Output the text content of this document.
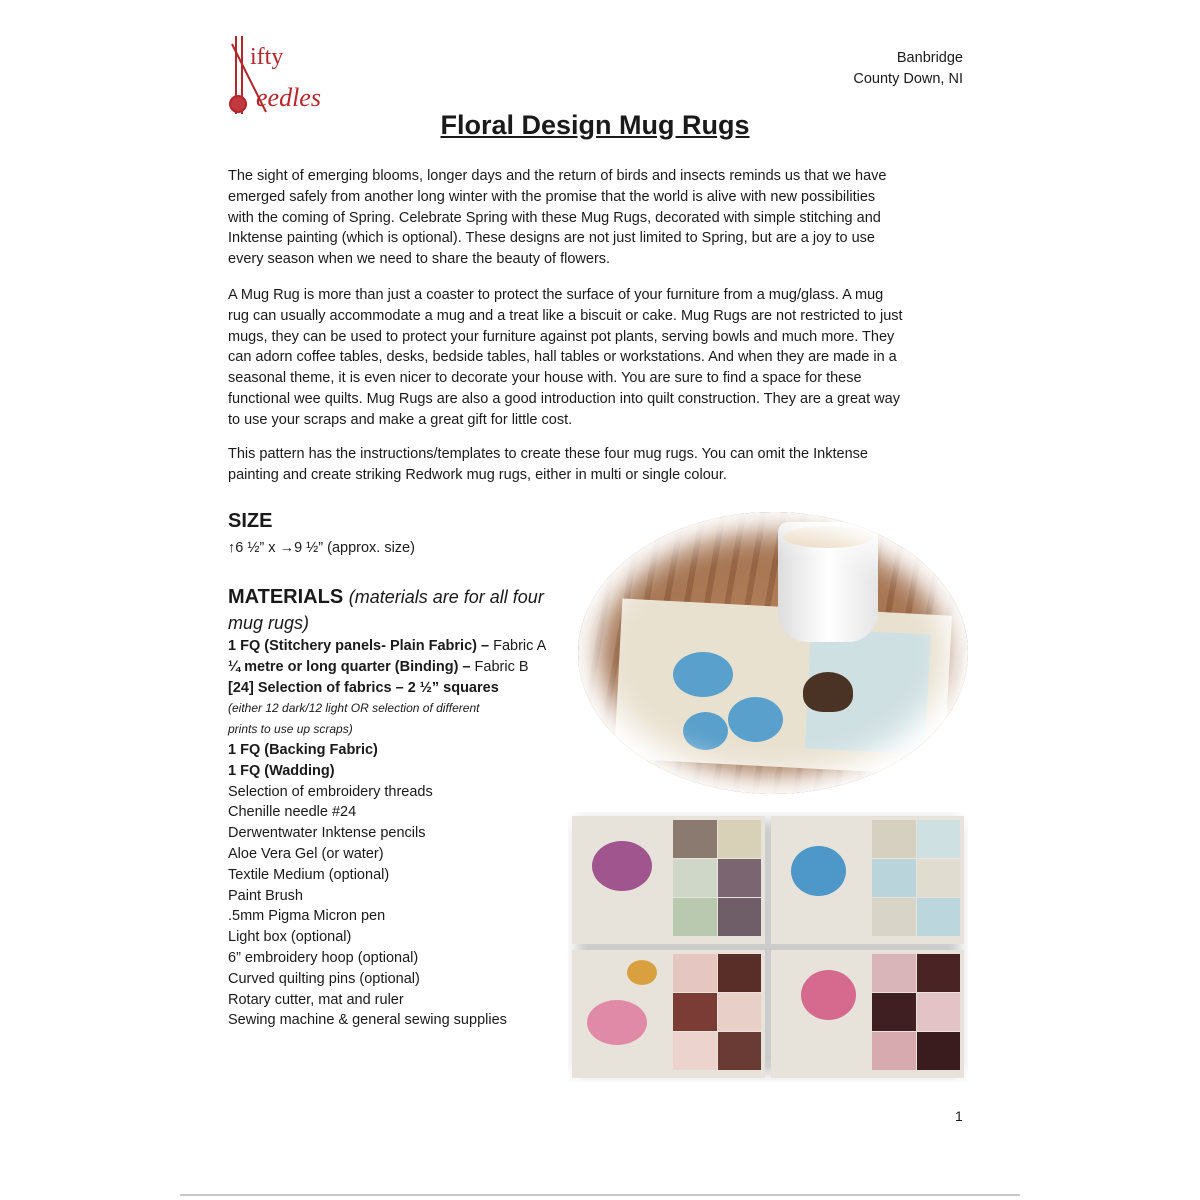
ifty
eedles
Banbridge
County Down, NI
Floral Design Mug Rugs
The sight of emerging blooms, longer days and the return of birds and insects reminds us that we have
emerged safely from another long winter with the promise that the world is alive with new possibilities
with the coming of Spring. Celebrate Spring with these Mug Rugs, decorated with simple stitching and
Inktense painting (which is optional). These designs are not just limited to Spring, but are a joy to use
every season when we need to share the beauty of flowers.
A Mug Rug is more than just a coaster to protect the surface of your furniture from a mug/glass. A mug
rug can usually accommodate a mug and a treat like a biscuit or cake. Mug Rugs are not restricted to just
mugs, they can be used to protect your furniture against pot plants, serving bowls and much more. They
can adorn coffee tables, desks, bedside tables, hall tables or workstations. And when they are made in a
seasonal theme, it is even nicer to decorate your house with. You are sure to find a space for these
functional wee quilts. Mug Rugs are also a good introduction into quilt construction. They are a great way
to use your scraps and make a great gift for little cost.
This pattern has the instructions/templates to create these four mug rugs. You can omit the Inktense
painting and create striking Redwork mug rugs, either in multi or single colour.
SIZE
↑6 ½” x →9 ½” (approx. size)
MATERIALS (materials are for all four
mug rugs)
1 FQ (Stitchery panels- Plain Fabric) – Fabric A
¼ metre or long quarter (Binding) – Fabric B
[24] Selection of fabrics – 2 ½” squares
(either 12 dark/12 light OR selection of different
prints to use up scraps)
1 FQ (Backing Fabric)
1 FQ (Wadding)
Selection of embroidery threads
Chenille needle #24
Derwentwater Inktense pencils
Aloe Vera Gel (or water)
Textile Medium (optional)
Paint Brush
.5mm Pigma Micron pen
Light box (optional)
6” embroidery hoop (optional)
Curved quilting pins (optional)
Rotary cutter, mat and ruler
Sewing machine & general sewing supplies
1
